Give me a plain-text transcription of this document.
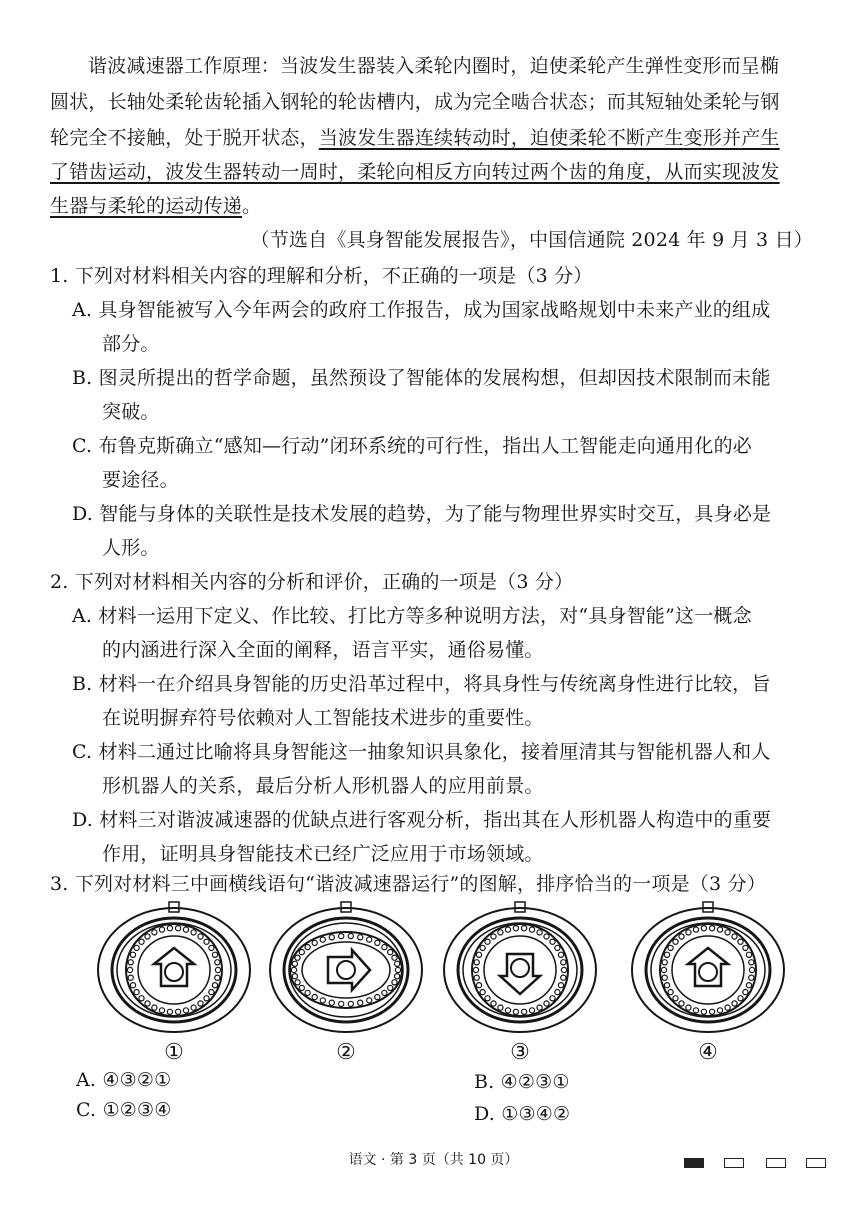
谐波减速器工作原理：当波发生器装入柔轮内圈时，迫使柔轮产生弹性变形而呈椭
圆状，长轴处柔轮齿轮插入钢轮的轮齿槽内，成为完全啮合状态；而其短轴处柔轮与钢
轮完全不接触，处于脱开状态，当波发生器连续转动时，迫使柔轮不断产生变形并产生
了错齿运动，波发生器转动一周时，柔轮向相反方向转过两个齿的角度，从而实现波发
生器与柔轮的运动传递。
（节选自《具身智能发展报告》，中国信通院 2024 年 9 月 3 日）
1. 下列对材料相关内容的理解和分析，不正确的一项是（3 分）
A. 具身智能被写入今年两会的政府工作报告，成为国家战略规划中未来产业的组成
部分。
B. 图灵所提出的哲学命题，虽然预设了智能体的发展构想，但却因技术限制而未能
突破。
C. 布鲁克斯确立“感知—行动”闭环系统的可行性，指出人工智能走向通用化的必
要途径。
D. 智能与身体的关联性是技术发展的趋势，为了能与物理世界实时交互，具身必是
人形。
2. 下列对材料相关内容的分析和评价，正确的一项是（3 分）
A. 材料一运用下定义、作比较、打比方等多种说明方法，对“具身智能”这一概念
的内涵进行深入全面的阐释，语言平实，通俗易懂。
B. 材料一在介绍具身智能的历史沿革过程中，将具身性与传统离身性进行比较，旨
在说明摒弃符号依赖对人工智能技术进步的重要性。
C. 材料二通过比喻将具身智能这一抽象知识具象化，接着厘清其与智能机器人和人
形机器人的关系，最后分析人形机器人的应用前景。
D. 材料三对谐波减速器的优缺点进行客观分析，指出其在人形机器人构造中的重要
作用，证明具身智能技术已经广泛应用于市场领域。
3. 下列对材料三中画横线语句“谐波减速器运行”的图解，排序恰当的一项是（3 分）
①	②	③	④
A. ④③②①	B. ④②③①
C. ①②③④	D. ①③④②
语文 · 第 3 页（共 10 页）
